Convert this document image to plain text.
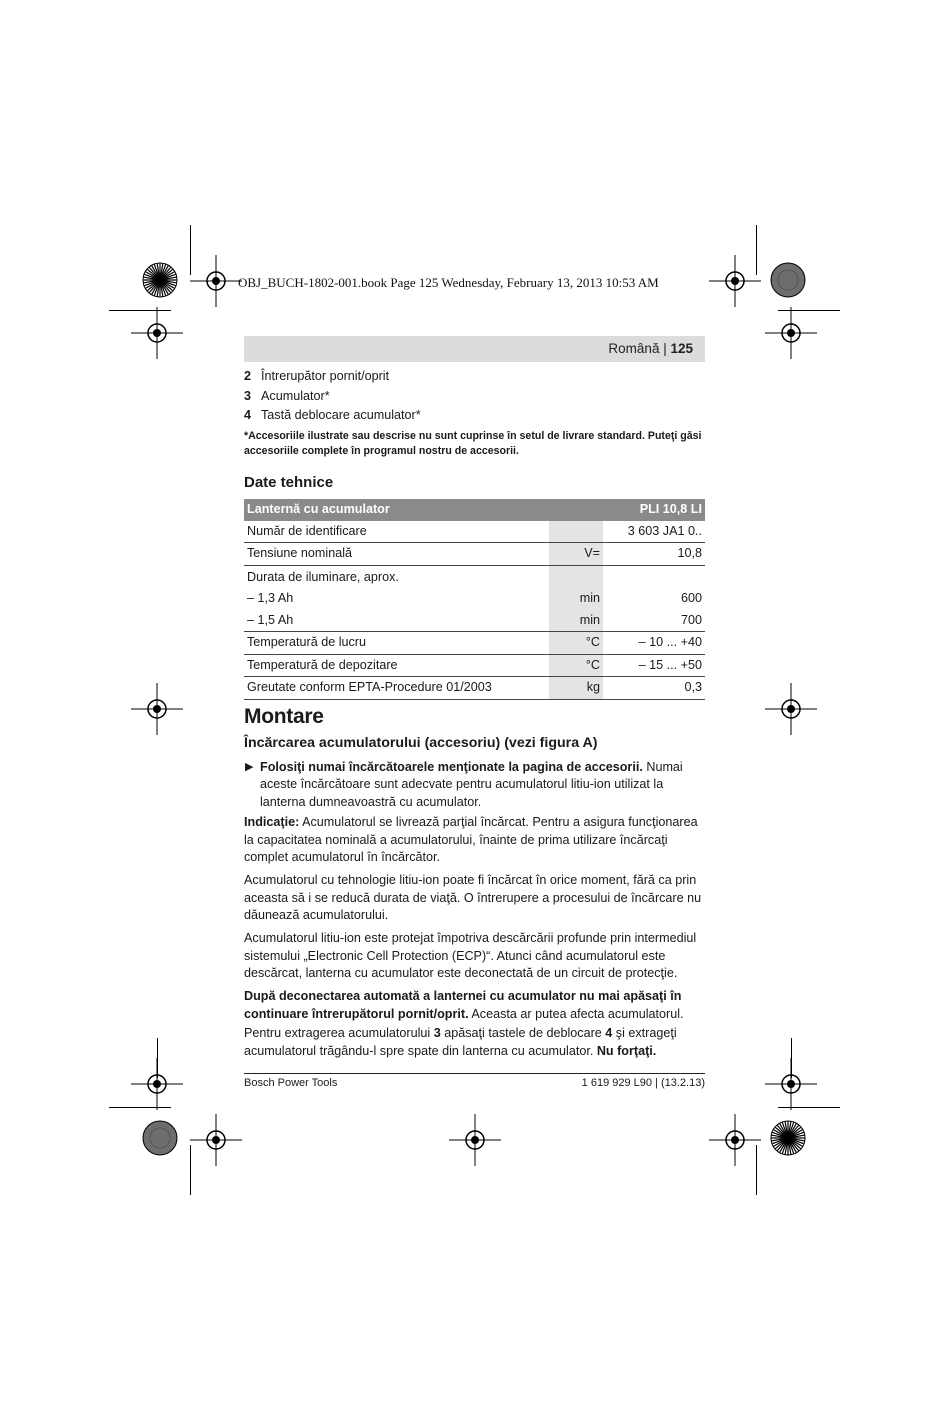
OBJ_BUCH-1802-001.book Page 125 Wednesday, February 13, 2013 10:53 AM
Română | 125
2 Întrerupător pornit/oprit
3 Acumulator*
4 Tastă deblocare acumulator*
*Accesoriile ilustrate sau descrise nu sunt cuprinse în setul de livrare standard. Puteţi găsi accesoriile complete în programul nostru de accesorii.
Date tehnice
Lanternă cu acumulator		PLI 10,8 LI
Număr de identificare		3 603 JA1 0..
Tensiune nominală	V=	10,8
Durata de iluminare, aprox.		
– 1,3 Ah	min	600
– 1,5 Ah	min	700
Temperatură de lucru	°C	– 10 ... +40
Temperatură de depozitare	°C	– 15 ... +50
Greutate conform EPTA-Procedure 01/2003	kg	0,3
Montare
Încărcarea acumulatorului (accesoriu) (vezi figura A)
▶ Folosiţi numai încărcătoarele menţionate la pagina de accesorii. Numai aceste încărcătoare sunt adecvate pentru acumulatorul litiu-ion utilizat la lanterna dumneavoastră cu acumulator.

Indicaţie: Acumulatorul se livrează parţial încărcat. Pentru a asigura funcţionarea la capacitatea nominală a acumulatorului, înainte de prima utilizare încărcaţi complet acumulatorul în încărcător.

Acumulatorul cu tehnologie litiu-ion poate fi încărcat în orice moment, fără ca prin aceasta să i se reducă durata de viaţă. O întrerupere a procesului de încărcare nu dăunează acumulatorului.

Acumulatorul litiu-ion este protejat împotriva descărcării profunde prin intermediul sistemului „Electronic Cell Protection (ECP)“. Atunci când acumulatorul este descărcat, lanterna cu acumulator este deconectată de un circuit de protecţie.

După deconectarea automată a lanternei cu acumulator nu mai apăsaţi în continuare întrerupătorul pornit/oprit. Aceasta ar putea afecta acumulatorul.

Pentru extragerea acumulatorului 3 apăsaţi tastele de deblocare 4 şi extrageţi acumulatorul trăgându-l spre spate din lanterna cu acumulator. Nu forţaţi.

Bosch Power Tools	1 619 929 L90 | (13.2.13)
